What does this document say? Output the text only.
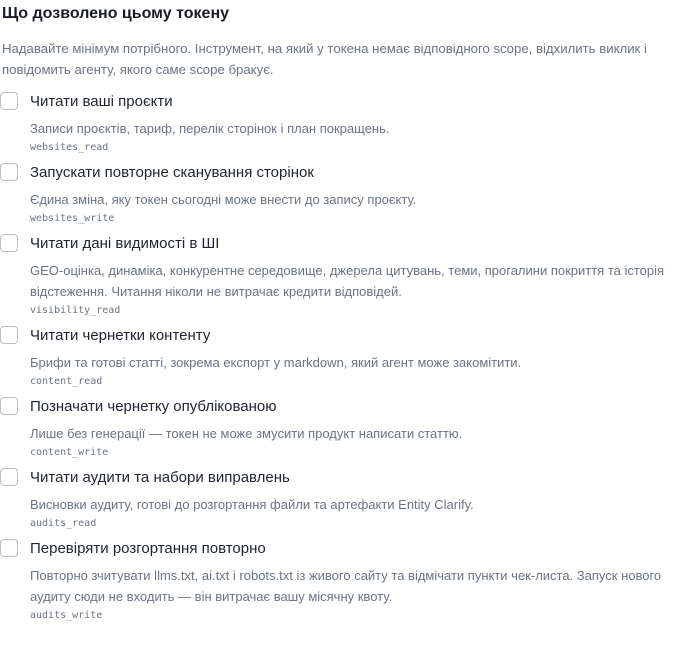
Що дозволено цьому токену
Надавайте мінімум потрібного. Інструмент, на який у токена немає відповідного scope, відхилить виклик і повідомить агенту, якого саме scope бракує.
Читати ваші проєкти
Записи проєктів, тариф, перелік сторінок і план покращень.
websites_read
Запускати повторне сканування сторінок
Єдина зміна, яку токен сьогодні може внести до запису проєкту.
websites_write
Читати дані видимості в ШІ
GEO-оцінка, динаміка, конкурентне середовище, джерела цитувань, теми, прогалини покриття та історія відстеження. Читання ніколи не витрачає кредити відповідей.
visibility_read
Читати чернетки контенту
Брифи та готові статті, зокрема експорт у markdown, який агент може закомітити.
content_read
Позначати чернетку опублікованою
Лише без генерації — токен не може змусити продукт написати статтю.
content_write
Читати аудити та набори виправлень
Висновки аудиту, готові до розгортання файли та артефакти Entity Clarify.
audits_read
Перевіряти розгортання повторно
Повторно зчитувати llms.txt, ai.txt і robots.txt із живого сайту та відмічати пункти чек-листа. Запуск нового аудиту сюди не входить — він витрачає вашу місячну квоту.
audits_write
